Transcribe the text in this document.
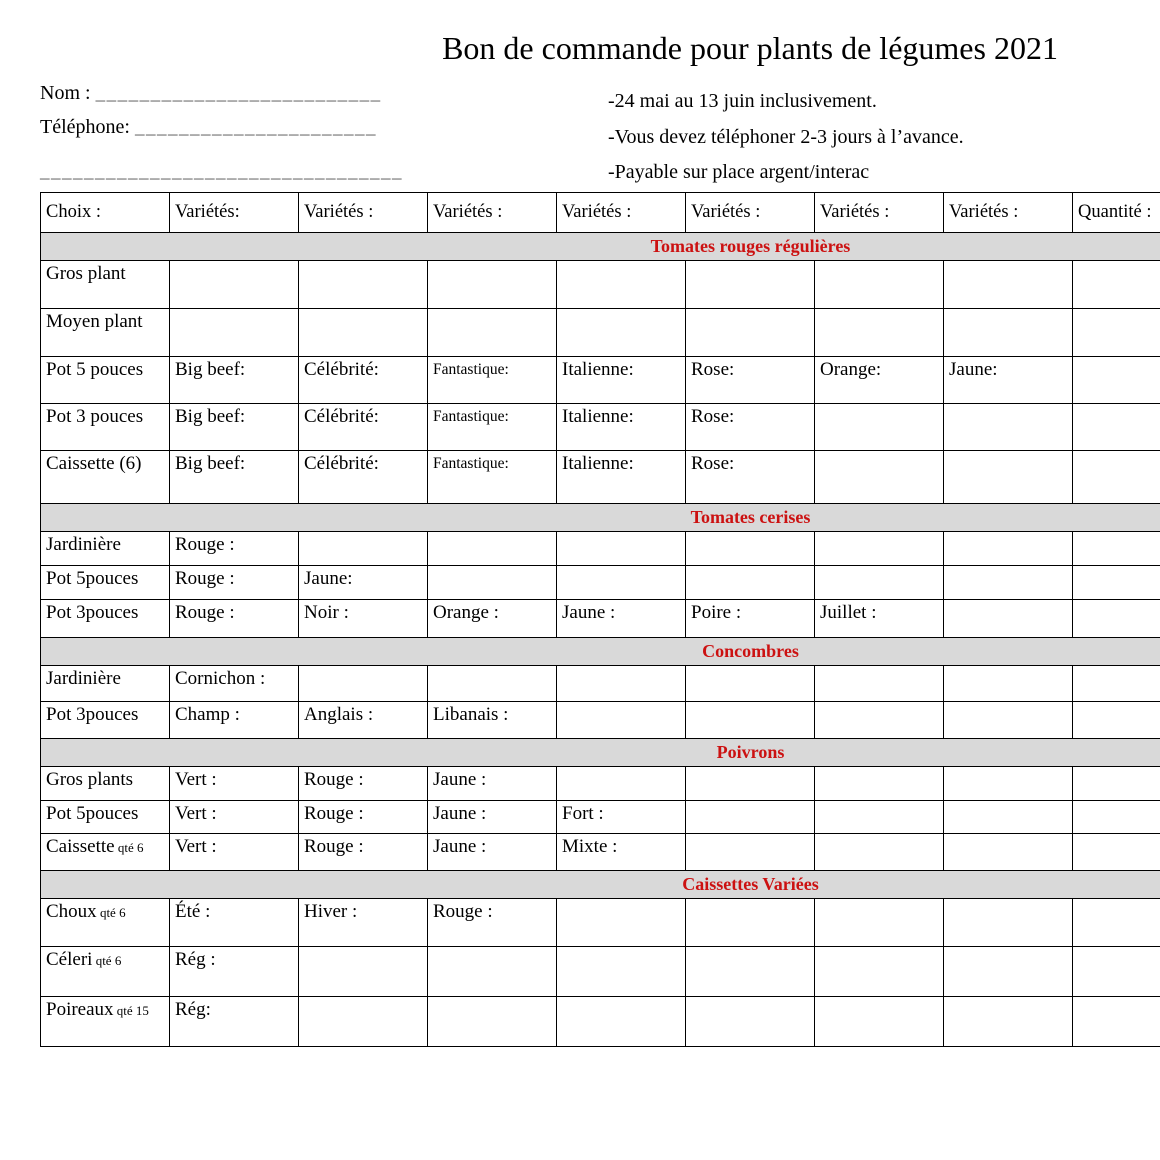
Bon de commande pour plants de légumes 2021
Nom : __________________________
Téléphone: ______________________
_________________________________
-24 mai au 13 juin inclusivement.
-Vous devez téléphoner 2-3 jours à l’avance.
-Payable sur place argent/interac
Choix :	Variétés:	Variétés :	Variétés :	Variétés :	Variétés :	Variétés :	Variétés :	Quantité :
Tomates rouges régulières								
Gros plant								
Moyen plant								
Pot 5 pouces	Big beef:	Célébrité:	Fantastique:	Italienne:	Rose:	Orange:	Jaune:	
Pot 3 pouces	Big beef:	Célébrité:	Fantastique:	Italienne:	Rose:			
Caissette (6)	Big beef:	Célébrité:	Fantastique:	Italienne:	Rose:			
Tomates cerises								
Jardinière	Rouge :							
Pot 5pouces	Rouge :	Jaune:						
Pot 3pouces	Rouge :	Noir :	Orange :	Jaune :	Poire :	Juillet :		
Concombres								
Jardinière	Cornichon :							
Pot 3pouces	Champ :	Anglais :	Libanais :					
Poivrons								
Gros plants	Vert :	Rouge :	Jaune :					
Pot 5pouces	Vert :	Rouge :	Jaune :	Fort :				
Caissette qté 6	Vert :	Rouge :	Jaune :	Mixte :				
Caissettes Variées								
Choux qté 6	Été :	Hiver :	Rouge :					
Céleri qté 6	Rég :							
Poireaux qté 15	Rég:							
